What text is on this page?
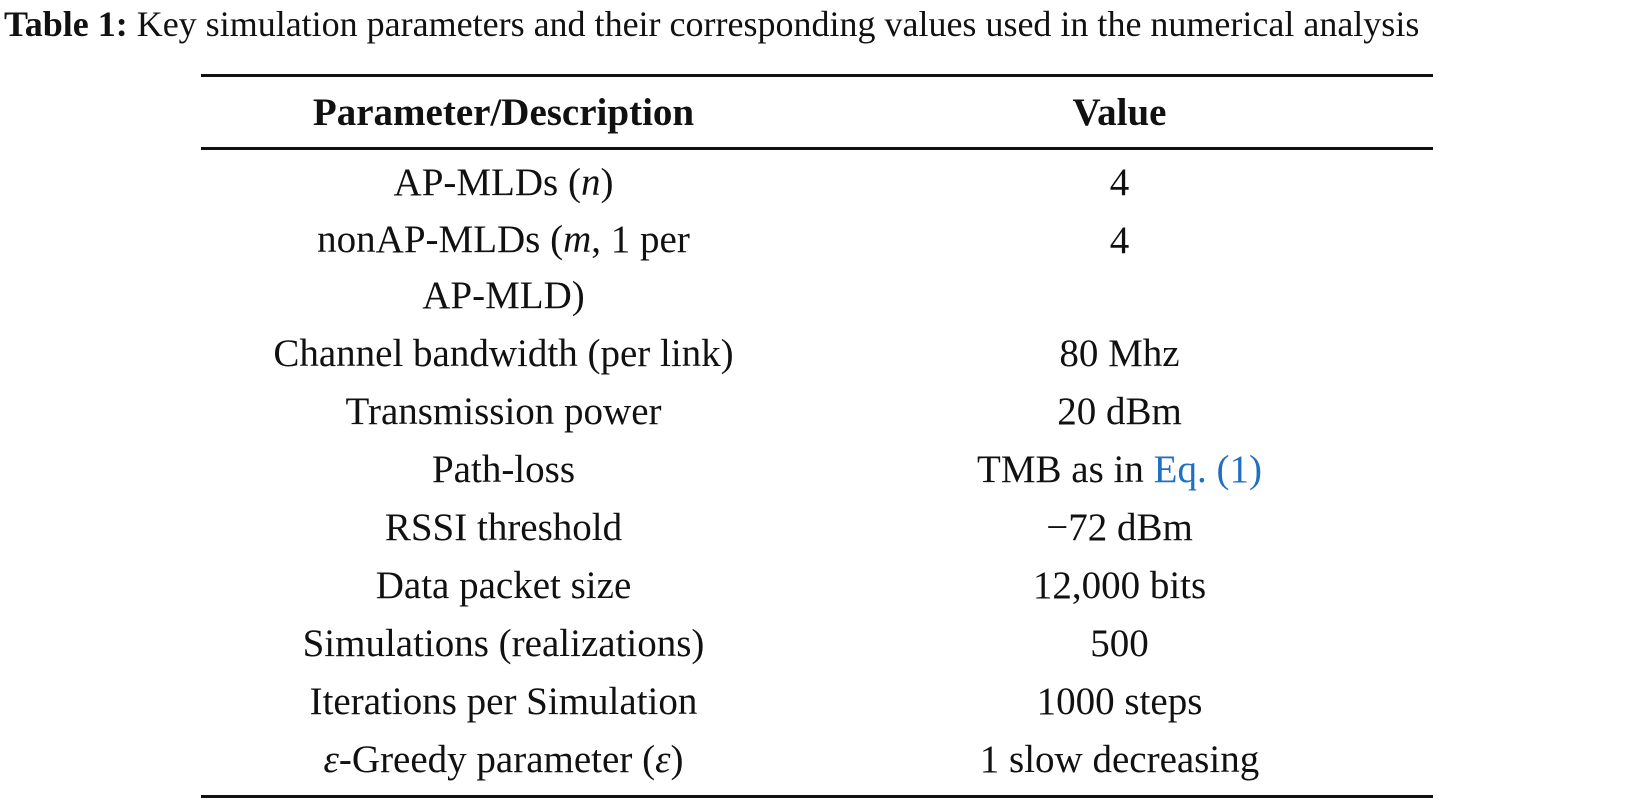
Table 1: Key simulation parameters and their corresponding values used in the numerical analysis
Parameter/Description	Value
AP-MLDs (n)	4
nonAP-MLDs (m, 1 per AP-MLD)	4
Channel bandwidth (per link)	80 Mhz
Transmission power	20 dBm
Path-loss	TMB as in Eq. (1)
RSSI threshold	−72 dBm
Data packet size	12,000 bits
Simulations (realizations)	500
Iterations per Simulation	1000 steps
ε-Greedy parameter (ε)	1 slow decreasing
